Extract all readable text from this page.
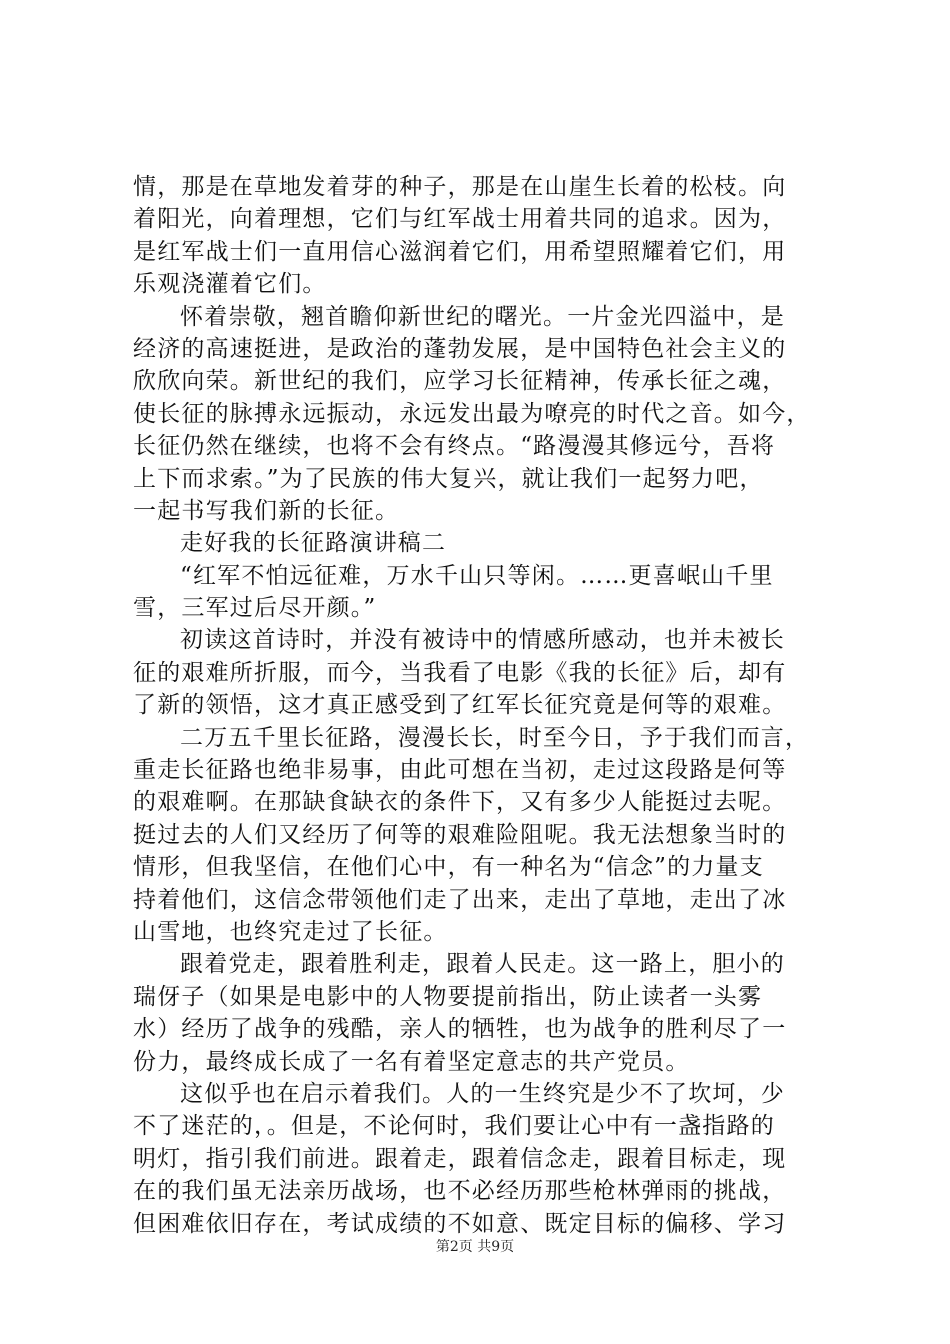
情，那是在草地发着芽的种子，那是在山崖生长着的松枝。向
着阳光，向着理想，它们与红军战士用着共同的追求。因为，
是红军战士们一直用信心滋润着它们，用希望照耀着它们，用
乐观浇灌着它们。
怀着崇敬，翘首瞻仰新世纪的曙光。一片金光四溢中，是
经济的高速挺进，是政治的蓬勃发展，是中国特色社会主义的
欣欣向荣。新世纪的我们，应学习长征精神，传承长征之魂，
使长征的脉搏永远振动，永远发出最为嘹亮的时代之音。如今，
长征仍然在继续，也将不会有终点。“路漫漫其修远兮，吾将
上下而求索。”为了民族的伟大复兴，就让我们一起努力吧，
一起书写我们新的长征。
走好我的长征路演讲稿二
“红军不怕远征难，万水千山只等闲。……更喜岷山千里
雪，三军过后尽开颜。”
初读这首诗时，并没有被诗中的情感所感动，也并未被长
征的艰难所折服，而今，当我看了电影《我的长征》后，却有
了新的领悟，这才真正感受到了红军长征究竟是何等的艰难。
二万五千里长征路，漫漫长长，时至今日，予于我们而言，
重走长征路也绝非易事，由此可想在当初，走过这段路是何等
的艰难啊。在那缺食缺衣的条件下，又有多少人能挺过去呢。
挺过去的人们又经历了何等的艰难险阻呢。我无法想象当时的
情形，但我坚信，在他们心中，有一种名为“信念”的力量支
持着他们，这信念带领他们走了出来，走出了草地，走出了冰
山雪地，也终究走过了长征。
跟着党走，跟着胜利走，跟着人民走。这一路上，胆小的
瑞伢子（如果是电影中的人物要提前指出，防止读者一头雾
水）经历了战争的残酷，亲人的牺牲，也为战争的胜利尽了一
份力，最终成长成了一名有着坚定意志的共产党员。
这似乎也在启示着我们。人的一生终究是少不了坎坷，少
不了迷茫的，。但是，不论何时，我们要让心中有一盏指路的
明灯，指引我们前进。跟着走，跟着信念走，跟着目标走，现
在的我们虽无法亲历战场，也不必经历那些枪林弹雨的挑战，
但困难依旧存在，考试成绩的不如意、既定目标的偏移、学习
第2页 共9页
